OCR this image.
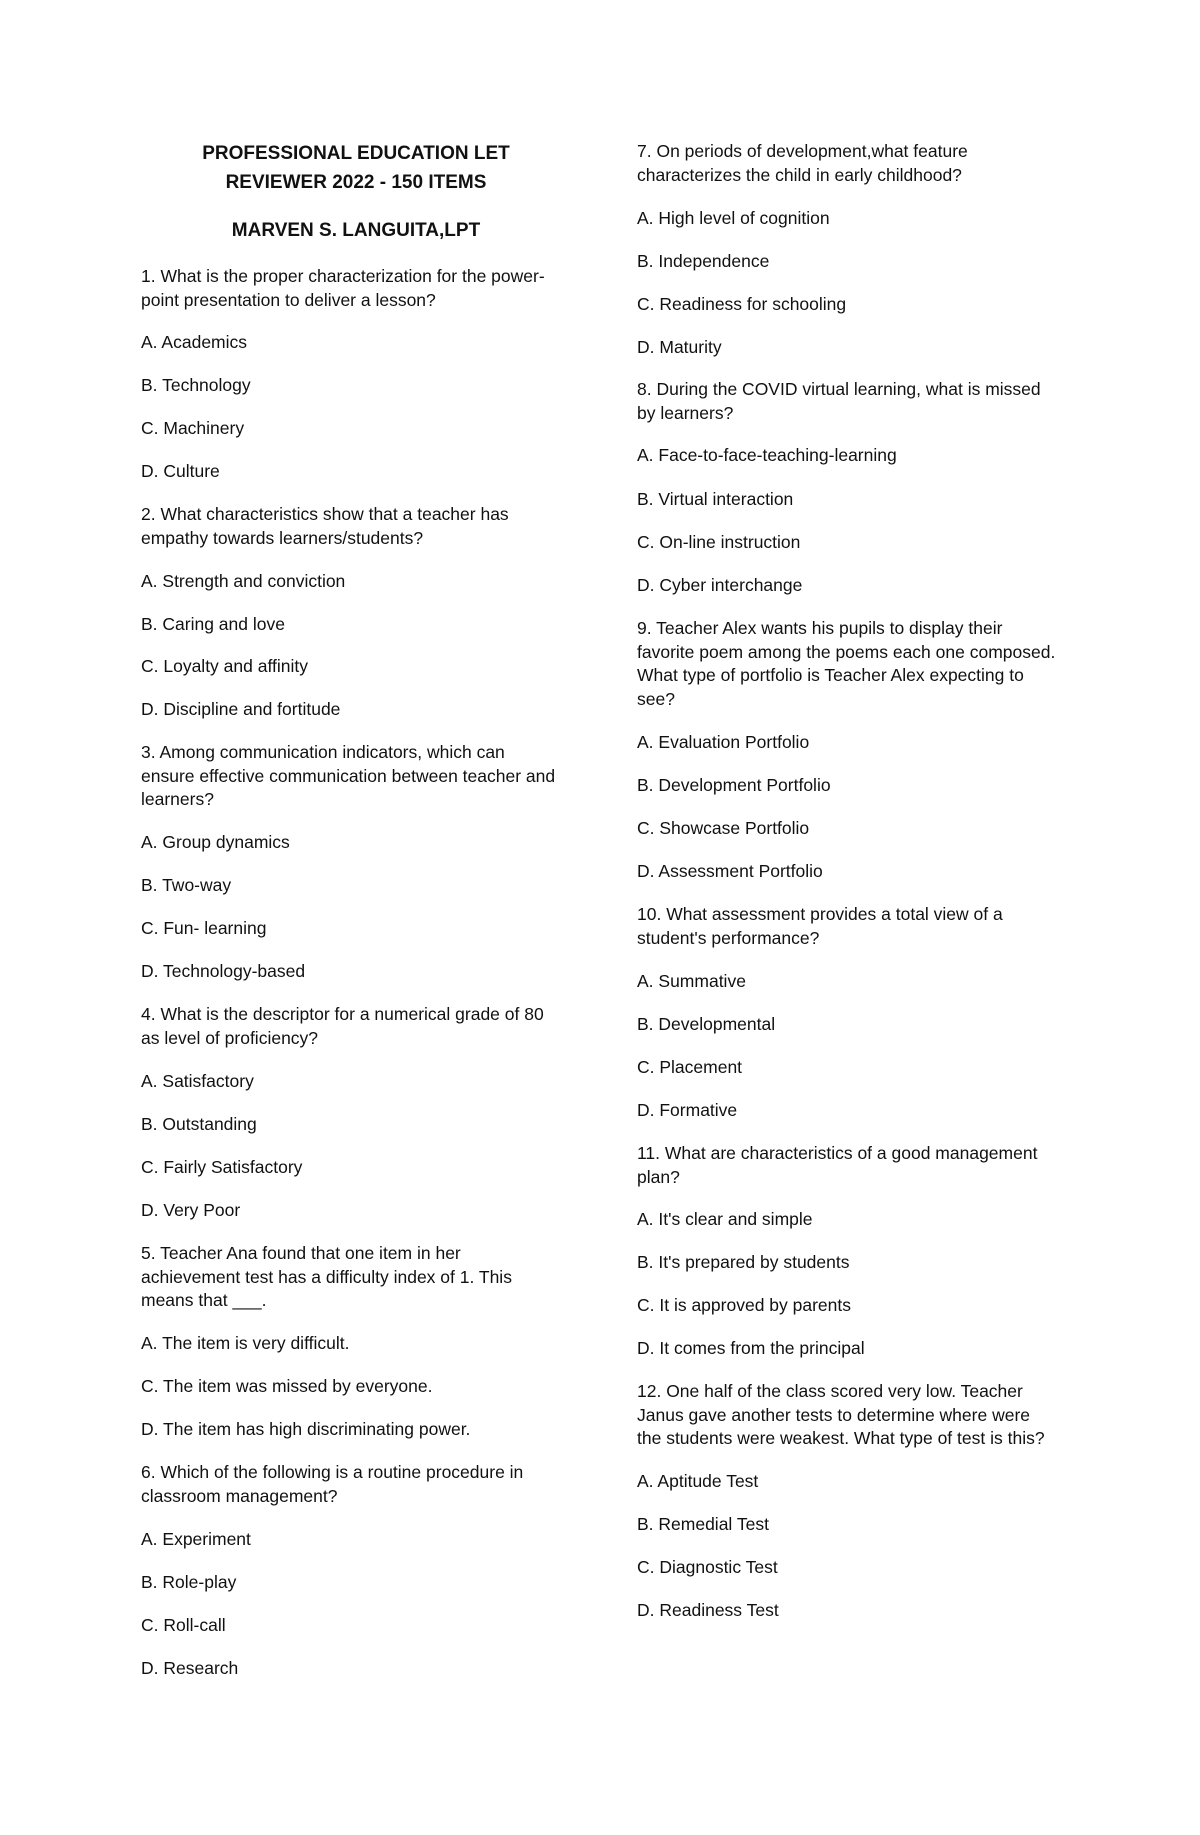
PROFESSIONAL EDUCATION LET
REVIEWER 2022 - 150 ITEMS
MARVEN S. LANGUITA,LPT
1. What is the proper characterization for the power-
point presentation to deliver a lesson?
A. Academics
B. Technology
C. Machinery
D. Culture
2. What characteristics show that a teacher has
empathy towards learners/students?
A. Strength and conviction
B. Caring and love
C. Loyalty and affinity
D. Discipline and fortitude
3. Among communication indicators, which can
ensure effective communication between teacher and
learners?
A. Group dynamics
B. Two-way
C. Fun- learning
D. Technology-based
4. What is the descriptor for a numerical grade of 80
as level of proficiency?
A. Satisfactory
B. Outstanding
C. Fairly Satisfactory
D. Very Poor
5. Teacher Ana found that one item in her
achievement test has a difficulty index of 1. This
means that ___.
A. The item is very difficult.
C. The item was missed by everyone.
D. The item has high discriminating power.
6. Which of the following is a routine procedure in
classroom management?
A. Experiment
B. Role-play
C. Roll-call
D. Research
7. On periods of development,what feature
characterizes the child in early childhood?
A. High level of cognition
B. Independence
C. Readiness for schooling
D. Maturity
8. During the COVID virtual learning, what is missed
by learners?
A. Face-to-face-teaching-learning
B. Virtual interaction
C. On-line instruction
D. Cyber interchange
9. Teacher Alex wants his pupils to display their
favorite poem among the poems each one composed.
What type of portfolio is Teacher Alex expecting to
see?
A. Evaluation Portfolio
B. Development Portfolio
C. Showcase Portfolio
D. Assessment Portfolio
10. What assessment provides a total view of a
student's performance?
A. Summative
B. Developmental
C. Placement
D. Formative
11. What are characteristics of a good management
plan?
A. It's clear and simple
B. It's prepared by students
C. It is approved by parents
D. It comes from the principal
12. One half of the class scored very low. Teacher
Janus gave another tests to determine where were
the students were weakest. What type of test is this?
A. Aptitude Test
B. Remedial Test
C. Diagnostic Test
D. Readiness Test
